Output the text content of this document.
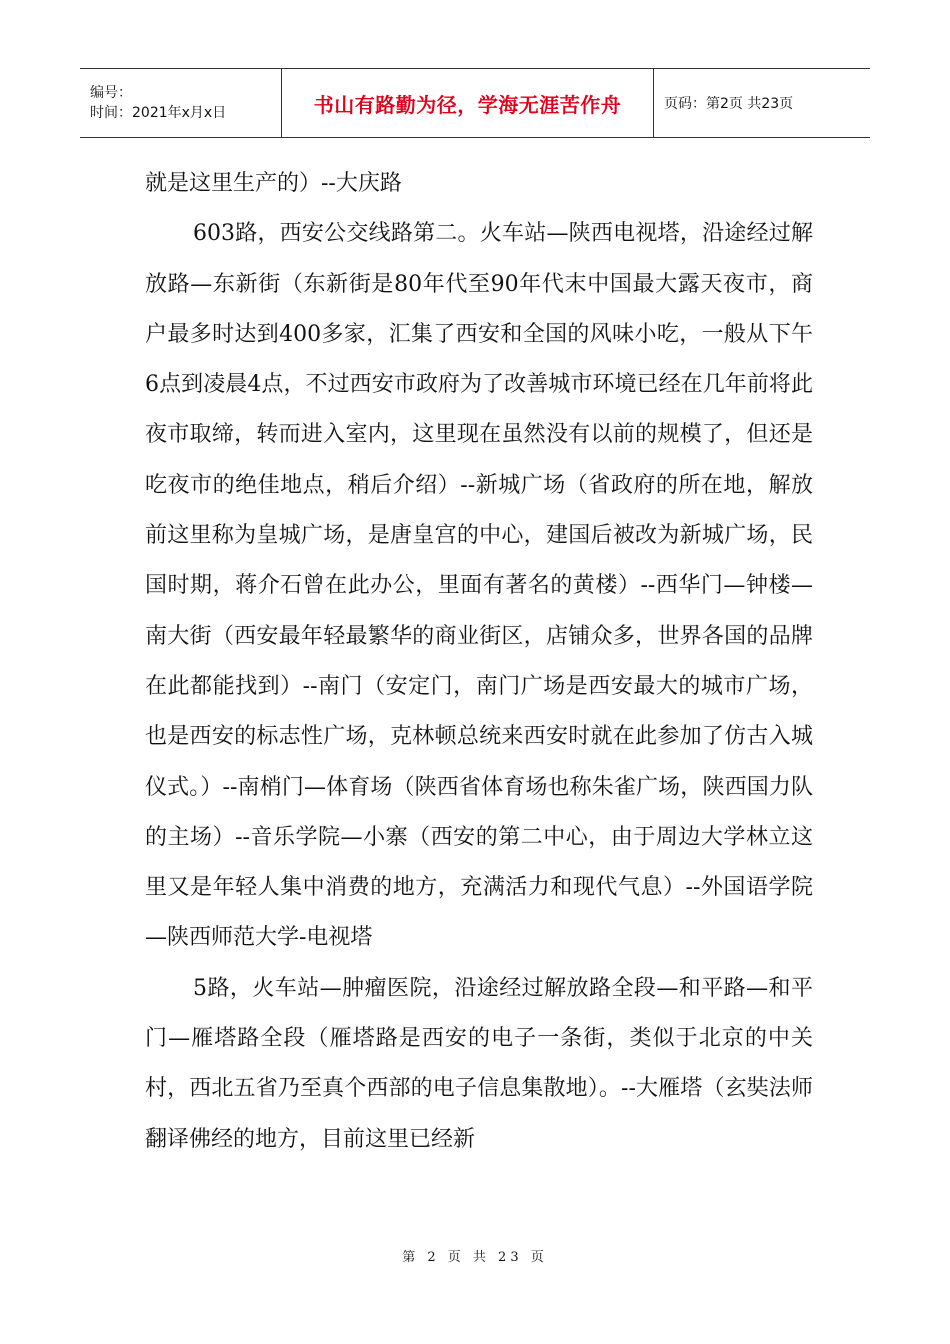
编号：
时间：2021年x月x日	书山有路勤为径，学海无涯苦作舟	页码：第2页 共23页

就是这里生产的）--大庆路

603路，西安公交线路第二。火车站—陕西电视塔，沿途经过解放路—东新街（东新街是80年代至90年代末中国最大露天夜市，商户最多时达到400多家，汇集了西安和全国的风味小吃，一般从下午6点到凌晨4点，不过西安市政府为了改善城市环境已经在几年前将此夜市取缔，转而进入室内，这里现在虽然没有以前的规模了，但还是吃夜市的绝佳地点，稍后介绍）--新城广场（省政府的所在地，解放前这里称为皇城广场，是唐皇宫的中心，建国后被改为新城广场，民国时期，蒋介石曾在此办公，里面有著名的黄楼）--西华门—钟楼—南大街（西安最年轻最繁华的商业街区，店铺众多，世界各国的品牌在此都能找到）--南门（安定门，南门广场是西安最大的城市广场，也是西安的标志性广场，克林顿总统来西安时就在此参加了仿古入城仪式。）--南梢门—体育场（陕西省体育场也称朱雀广场，陕西国力队的主场）--音乐学院—小寨（西安的第二中心，由于周边大学林立这里又是年轻人集中消费的地方，充满活力和现代气息）--外国语学院—陕西师范大学-电视塔

5路，火车站—肿瘤医院，沿途经过解放路全段—和平路—和平门—雁塔路全段（雁塔路是西安的电子一条街，类似于北京的中关村，西北五省乃至真个西部的电子信息集散地）。--大雁塔（玄奘法师翻译佛经的地方，目前这里已经新

第 2 页 共 23 页
